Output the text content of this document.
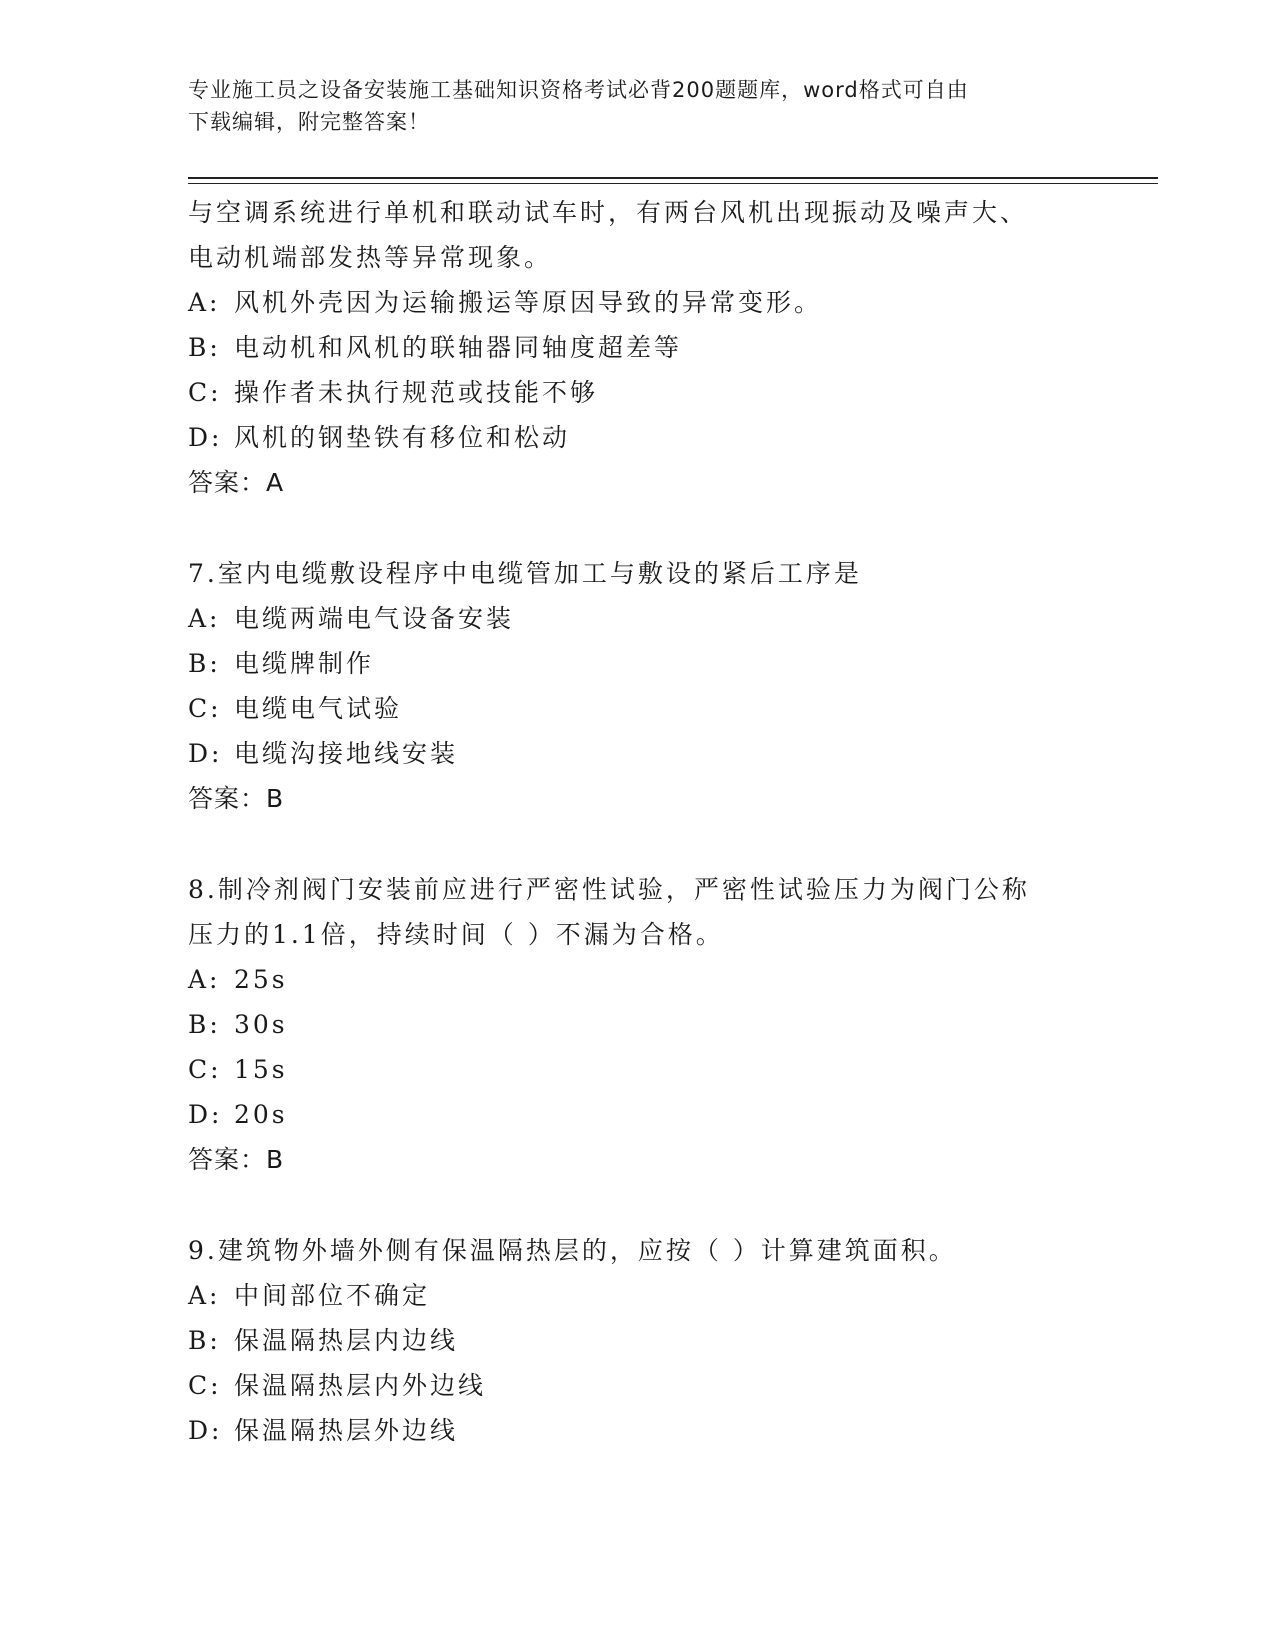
专业施工员之设备安装施工基础知识资格考试必背200题题库，word格式可自由
下载编辑，附完整答案！
与空调系统进行单机和联动试车时，有两台风机出现振动及噪声大、
电动机端部发热等异常现象。
A: 风机外壳因为运输搬运等原因导致的异常变形。
B: 电动机和风机的联轴器同轴度超差等
C: 操作者未执行规范或技能不够
D: 风机的钢垫铁有移位和松动
答案：A
7.室内电缆敷设程序中电缆管加工与敷设的紧后工序是
A: 电缆两端电气设备安装
B: 电缆牌制作
C: 电缆电气试验
D: 电缆沟接地线安装
答案：B
8.制冷剂阀门安装前应进行严密性试验，严密性试验压力为阀门公称
压力的1.1倍，持续时间（ ）不漏为合格。
A: 25s
B: 30s
C: 15s
D: 20s
答案：B
9.建筑物外墙外侧有保温隔热层的，应按（ ）计算建筑面积。
A: 中间部位不确定
B: 保温隔热层内边线
C: 保温隔热层内外边线
D: 保温隔热层外边线
